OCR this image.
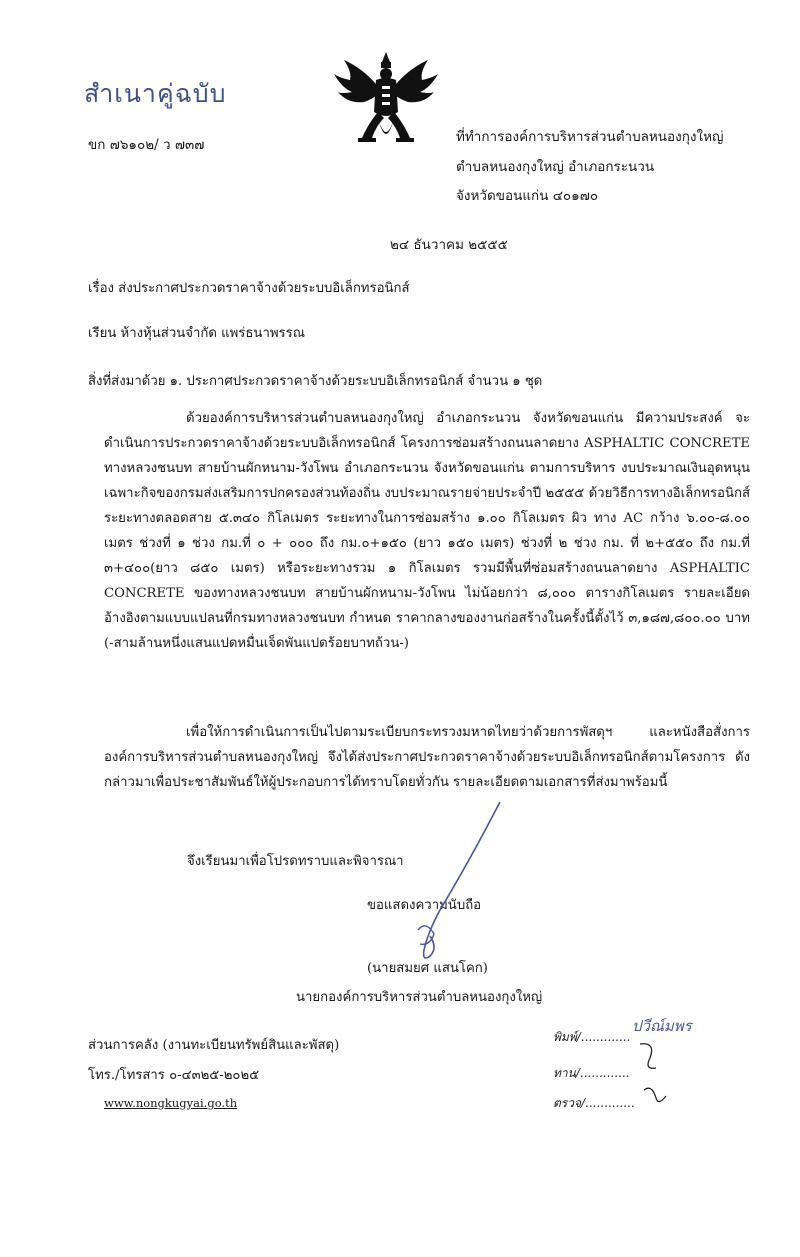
สำเนาคู่ฉบับ
ขก ๗๖๑๐๒/ ว ๗๓๗	ที่ทำการองค์การบริหารส่วนตำบลหนองกุงใหญ่
ตำบลหนองกุงใหญ่ อำเภอกระนวน
จังหวัดขอนแก่น ๔๐๑๗๐
๒๔ ธันวาคม ๒๕๕๕
เรื่อง ส่งประกาศประกวดราคาจ้างด้วยระบบอิเล็กทรอนิกส์
เรียน ห้างหุ้นส่วนจำกัด แพร่ธนาพรรณ
สิ่งที่ส่งมาด้วย ๑. ประกาศประกวดราคาจ้างด้วยระบบอิเล็กทรอนิกส์ จำนวน ๑ ชุด
ด้วยองค์การบริหารส่วนตำบลหนองกุงใหญ่ อำเภอกระนวน จังหวัดขอนแก่น มีความประสงค์ จะดำเนินการประกวดราคาจ้างด้วยระบบอิเล็กทรอนิกส์ โครงการซ่อมสร้างถนนลาดยาง ASPHALTIC CONCRETE ทางหลวงชนบท สายบ้านผักหนาม-วังโพน อำเภอกระนวน จังหวัดขอนแก่น ตามการบริหาร งบประมาณเงินอุดหนุนเฉพาะกิจของกรมส่งเสริมการปกครองส่วนท้องถิ่น งบประมาณรายจ่ายประจำปี ๒๕๕๕ ด้วยวิธีการทางอิเล็กทรอนิกส์ ระยะทางตลอดสาย ๕.๓๔๐ กิโลเมตร ระยะทางในการซ่อมสร้าง ๑.๐๐ กิโลเมตร ผิว ทาง AC กว้าง ๖.๐๐-๘.๐๐ เมตร ช่วงที่ ๑ ช่วง กม.ที่ ๐ + ๐๐๐ ถึง กม.๐+๑๕๐ (ยาว ๑๕๐ เมตร) ช่วงที่ ๒ ช่วง กม. ที่ ๒+๕๕๐ ถึง กม.ที่ ๓+๔๐๐(ยาว ๘๕๐ เมตร) หรือระยะทางรวม ๑ กิโลเมตร รวมมีพื้นที่ซ่อมสร้างถนนลาดยาง ASPHALTIC CONCRETE ของทางหลวงชนบท สายบ้านผักหนาม-วังโพน ไม่น้อยกว่า ๘,๐๐๐ ตารางกิโลเมตร รายละเอียดอ้างอิงตามแบบแปลนที่กรมทางหลวงชนบท กำหนด ราคากลางของงานก่อสร้างในครั้งนี้ตั้งไว้ ๓,๑๘๗,๘๐๐.๐๐ บาท (-สามล้านหนึ่งแสนแปดหมื่นเจ็ดพันแปดร้อยบาทถ้วน-)
เพื่อให้การดำเนินการเป็นไปตามระเบียบกระทรวงมหาดไทยว่าด้วยการพัสดุฯ และหนังสือสั่งการ องค์การบริหารส่วนตำบลหนองกุงใหญ่ จึงได้ส่งประกาศประกวดราคาจ้างด้วยระบบอิเล็กทรอนิกส์ตามโครงการ ดังกล่าวมาเพื่อประชาสัมพันธ์ให้ผู้ประกอบการได้ทราบโดยทั่วกัน รายละเอียดตามเอกสารที่ส่งมาพร้อมนี้
จึงเรียนมาเพื่อโปรดทราบและพิจารณา
ขอแสดงความนับถือ
(นายสมยศ แสนโคก)
นายกองค์การบริหารส่วนตำบลหนองกุงใหญ่
ส่วนการคลัง (งานทะเบียนทรัพย์สินและพัสดุ)
โทร./โทรสาร ๐-๔๓๒๕-๒๐๒๕
www.nongkugyai.go.th
พิมพ์/.............
ปวีณ์มพร
ทาน/.............
ตรวจ/.............
